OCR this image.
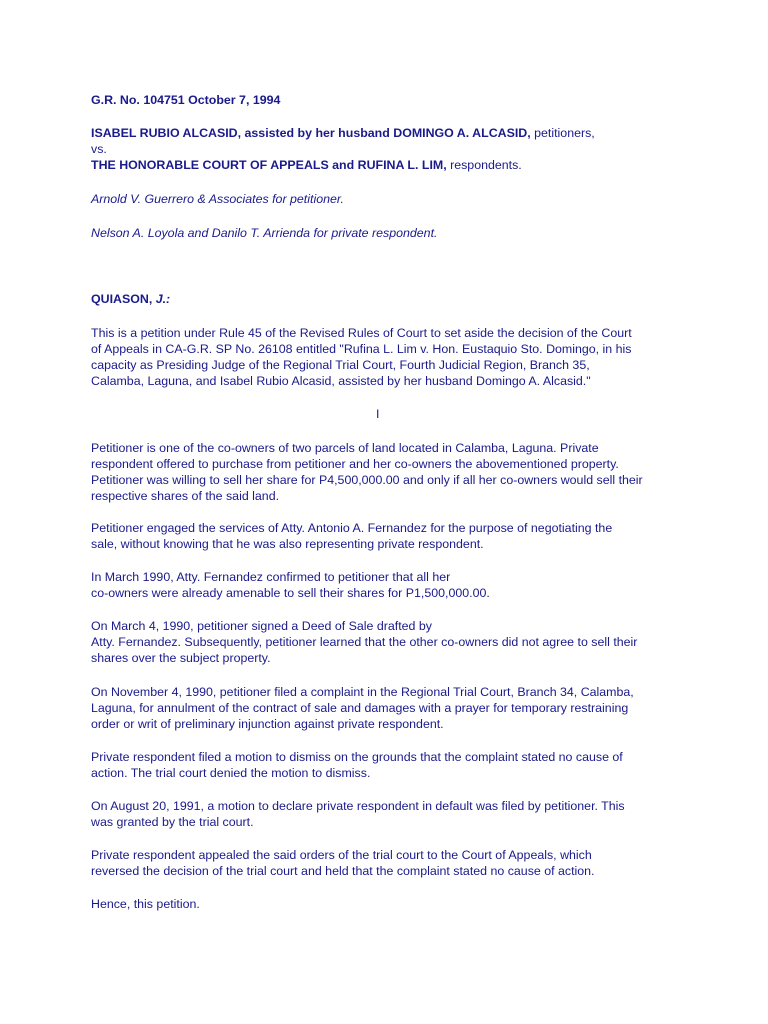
G.R. No. 104751 October 7, 1994
ISABEL RUBIO ALCASID, assisted by her husband DOMINGO A. ALCASID, petitioners,
vs.
THE HONORABLE COURT OF APPEALS and RUFINA L. LIM, respondents.
Arnold V. Guerrero & Associates for petitioner.
Nelson A. Loyola and Danilo T. Arrienda for private respondent.
QUIASON, J.:
This is a petition under Rule 45 of the Revised Rules of Court to set aside the decision of the Court
of Appeals in CA-G.R. SP No. 26108 entitled "Rufina L. Lim v. Hon. Eustaquio Sto. Domingo, in his
capacity as Presiding Judge of the Regional Trial Court, Fourth Judicial Region, Branch 35,
Calamba, Laguna, and Isabel Rubio Alcasid, assisted by her husband Domingo A. Alcasid."
I
Petitioner is one of the co-owners of two parcels of land located in Calamba, Laguna. Private
respondent offered to purchase from petitioner and her co-owners the abovementioned property.
Petitioner was willing to sell her share for P4,500,000.00 and only if all her co-owners would sell their
respective shares of the said land.
Petitioner engaged the services of Atty. Antonio A. Fernandez for the purpose of negotiating the
sale, without knowing that he was also representing private respondent.
In March 1990, Atty. Fernandez confirmed to petitioner that all her
co-owners were already amenable to sell their shares for P1,500,000.00.
On March 4, 1990, petitioner signed a Deed of Sale drafted by
Atty. Fernandez. Subsequently, petitioner learned that the other co-owners did not agree to sell their
shares over the subject property.
On November 4, 1990, petitioner filed a complaint in the Regional Trial Court, Branch 34, Calamba,
Laguna, for annulment of the contract of sale and damages with a prayer for temporary restraining
order or writ of preliminary injunction against private respondent.
Private respondent filed a motion to dismiss on the grounds that the complaint stated no cause of
action. The trial court denied the motion to dismiss.
On August 20, 1991, a motion to declare private respondent in default was filed by petitioner. This
was granted by the trial court.
Private respondent appealed the said orders of the trial court to the Court of Appeals, which
reversed the decision of the trial court and held that the complaint stated no cause of action.
Hence, this petition.
